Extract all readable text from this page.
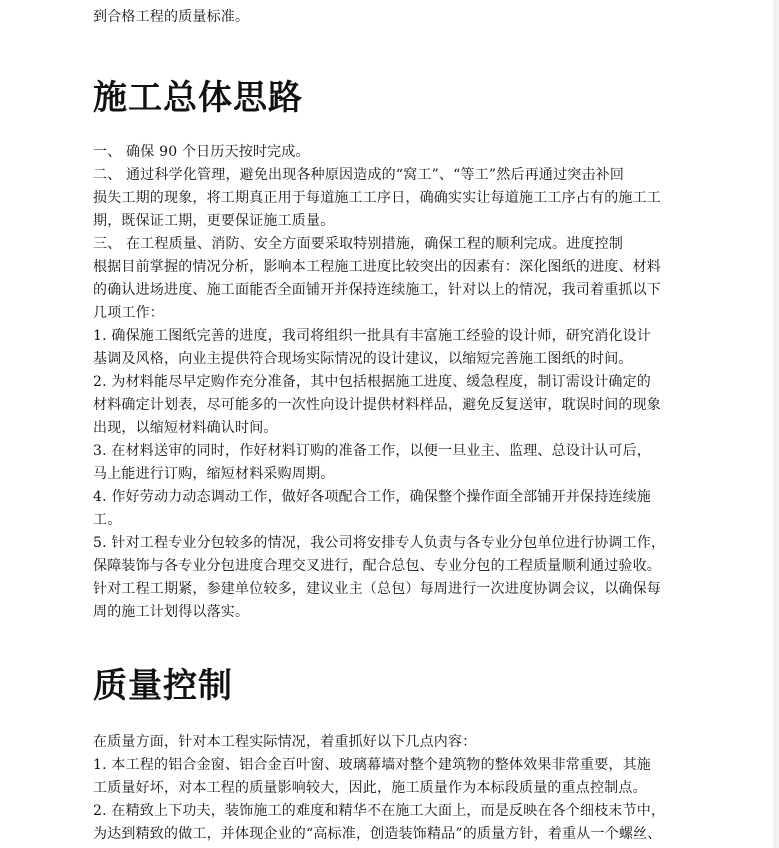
到合格工程的质量标准。
施工总体思路
一、 确保 90 个日历天按时完成。
二、 通过科学化管理，避免出现各种原因造成的“窝工”、“等工”然后再通过突击补回
损失工期的现象，将工期真正用于每道施工工序日，确确实实让每道施工工序占有的施工工
期，既保证工期，更要保证施工质量。
三、 在工程质量、消防、安全方面要采取特别措施，确保工程的顺利完成。进度控制
根据目前掌握的情况分析，影响本工程施工进度比较突出的因素有：深化图纸的进度、材料
的确认进场进度、施工面能否全面铺开并保持连续施工，针对以上的情况，我司着重抓以下
几项工作：
1. 确保施工图纸完善的进度，我司将组织一批具有丰富施工经验的设计师，研究消化设计
基调及风格，向业主提供符合现场实际情况的设计建议，以缩短完善施工图纸的时间。
2. 为材料能尽早定购作充分准备，其中包括根据施工进度、缓急程度，制订需设计确定的
材料确定计划表，尽可能多的一次性向设计提供材料样品，避免反复送审，耽误时间的现象
出现，以缩短材料确认时间。
3. 在材料送审的同时，作好材料订购的准备工作，以便一旦业主、监理、总设计认可后，
马上能进行订购，缩短材料采购周期。
4. 作好劳动力动态调动工作，做好各项配合工作，确保整个操作面全部铺开并保持连续施
工。
5. 针对工程专业分包较多的情况，我公司将安排专人负责与各专业分包单位进行协调工作，
保障装饰与各专业分包进度合理交叉进行，配合总包、专业分包的工程质量顺利通过验收。
针对工程工期紧，参建单位较多，建议业主（总包）每周进行一次进度协调会议，以确保每
周的施工计划得以落实。
质量控制
在质量方面，针对本工程实际情况，着重抓好以下几点内容：
1. 本工程的铝合金窗、铝合金百叶窗、玻璃幕墙对整个建筑物的整体效果非常重要，其施
工质量好坏，对本工程的质量影响较大，因此，施工质量作为本标段质量的重点控制点。
2. 在精致上下功夫，装饰施工的难度和精华不在施工大面上，而是反映在各个细枝末节中，
为达到精致的做工，并体现企业的“高标准，创造装饰精品”的质量方针，着重从一个螺丝、
